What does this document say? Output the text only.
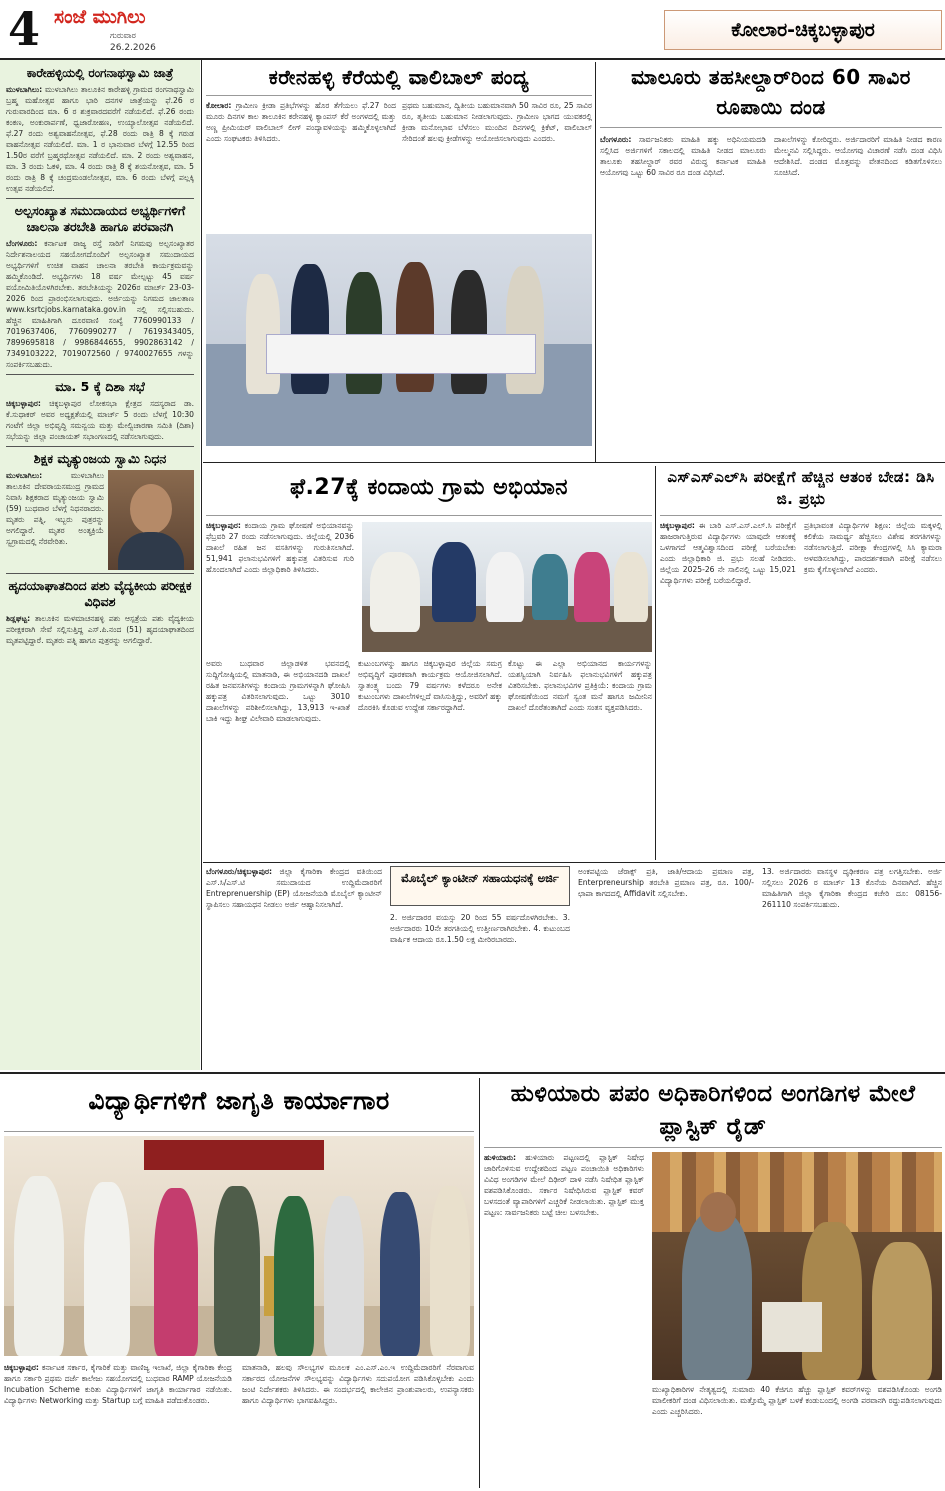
4 ಸಂಜೆ ಮುಗಿಲು
ಗುರುವಾರ
26.2.2026
ಕೋಲಾರ-ಚಿಕ್ಕಬಳ್ಳಾಪುರ
ಕಾರೇಹಳ್ಳಿಯಲ್ಲಿ ರಂಗನಾಥಸ್ವಾಮಿ ಜಾತ್ರೆ
ಮುಳಬಾಗಿಲು: ಮುಳಬಾಗಿಲು ತಾಲೂಕಿನ ಕಾರೇಹಳ್ಳಿ ಗ್ರಾಮದ ರಂಗನಾಥಸ್ವಾಮಿ ಬ್ರಹ್ಮ ಮಹೋತ್ಸವ ಹಾಗೂ ಭಾರಿ ದನಗಳ ಜಾತ್ರೆಯನ್ನು ಫೆ.26 ರ ಗುರುವಾರದಿಂದ ಮಾ. 6 ರ ಶುಕ್ರವಾರದವರೆಗೆ ನಡೆಯಲಿದೆ. ಫೆ.26 ರಂದು ಕಂಕಣ, ಅಂಕುರಾರ್ಪಣೆ, ಧ್ವಜಾರೋಹಣ, ಉಯ್ಯಾಲೋತ್ಸವ ನಡೆಯಲಿದೆ. ಫೆ.27 ರಂದು ಅಶ್ವವಾಹನೋತ್ಸವ, ಫೆ.28 ರಂದು ರಾತ್ರಿ 8 ಕ್ಕೆ ಗರುಡ ವಾಹನೋತ್ಸವ ನಡೆಯಲಿದೆ. ಮಾ. 1 ರ ಭಾನುವಾರ ಬೆಳಗ್ಗೆ 12.55 ರಿಂದ 1.50ರ ವರೆಗೆ ಬ್ರಹ್ಮರಥೋತ್ಸವ ನಡೆಯಲಿದೆ. ಮಾ. 2 ರಂದು ಅಶ್ವವಾಹನ, ಮಾ. 3 ರಂದು ಓಕಳಿ, ಮಾ. 4 ರಂದು ರಾತ್ರಿ 8 ಕ್ಕೆ ಶಯನೋತ್ಸವ, ಮಾ. 5 ರಂದು ರಾತ್ರಿ 8 ಕ್ಕೆ ಚಂದ್ರಮಂಡಲೋತ್ಸವ, ಮಾ. 6 ರಂದು ಬೆಳಗ್ಗೆ ಪಲ್ಲಕ್ಕಿ ಉತ್ಸವ ನಡೆಯಲಿದೆ.
ಅಲ್ಪಸಂಖ್ಯಾತ ಸಮುದಾಯದ ಅಭ್ಯರ್ಥಿಗಳಿಗೆ ಚಾಲನಾ ತರಬೇತಿ ಹಾಗೂ ಪರವಾನಗಿ
ಬೆಂಗಳೂರು: ಕರ್ನಾಟಕ ರಾಜ್ಯ ರಸ್ತೆ ಸಾರಿಗೆ ನಿಗಮವು ಅಲ್ಪಸಂಖ್ಯಾತರ ನಿರ್ದೇಶನಾಲಯದ ಸಹಯೋಗದೊಂದಿಗೆ ಅಲ್ಪಸಂಖ್ಯಾತ ಸಮುದಾಯದ ಅಭ್ಯರ್ಥಿಗಳಿಗೆ ಉಚಿತ ವಾಹನ ಚಾಲನಾ ತರಬೇತಿ ಕಾರ್ಯಕ್ರಮವನ್ನು ಹಮ್ಮಿಕೊಂಡಿದೆ. ಅಭ್ಯರ್ಥಿಗಳು 18 ವರ್ಷ ಮೇಲ್ಪಟ್ಟು 45 ವರ್ಷ ವಯೋಮಿತಿಯೊಳಗಿರಬೇಕು. ತರಬೇತಿಯನ್ನು 2026ರ ಮಾರ್ಚ್ 23-03-2026 ರಿಂದ ಪ್ರಾರಂಭಿಸಲಾಗುವುದು. ಅರ್ಜಿಯನ್ನು ನಿಗಮದ ಜಾಲತಾಣ www.ksrtcjobs.karnataka.gov.in ನಲ್ಲಿ ಸಲ್ಲಿಸಬಹುದು. ಹೆಚ್ಚಿನ ಮಾಹಿತಿಗಾಗಿ ದೂರವಾಣಿ ಸಂಖ್ಯೆ 7760990133 / 7019637406, 7760990277 / 7619343405, 7899695818 / 9986844655, 9902863142 / 7349103222, 7019072560 / 9740027655 ಗಳನ್ನು ಸಂಪರ್ಕಿಸಬಹುದು.
ಮಾ. 5 ಕ್ಕೆ ದಿಶಾ ಸಭೆ
ಚಿಕ್ಕಬಳ್ಳಾಪುರ: ಚಿಕ್ಕಬಳ್ಳಾಪುರ ಲೋಕಸಭಾ ಕ್ಷೇತ್ರದ ಸದಸ್ಯರಾದ ಡಾ. ಕೆ.ಸುಧಾಕರ್ ಅವರ ಅಧ್ಯಕ್ಷತೆಯಲ್ಲಿ ಮಾರ್ಚ್ 5 ರಂದು ಬೆಳಗ್ಗೆ 10:30 ಗಂಟೆಗೆ ಜಿಲ್ಲಾ ಅಭಿವೃದ್ಧಿ ಸಮನ್ವಯ ಮತ್ತು ಮೇಲ್ವಿಚಾರಣಾ ಸಮಿತಿ (ದಿಶಾ) ಸಭೆಯನ್ನು ಜಿಲ್ಲಾ ಪಂಚಾಯತ್ ಸಭಾಂಗಣದಲ್ಲಿ ನಡೆಸಲಾಗುವುದು.
ಶಿಕ್ಷಕ ಮೃತ್ಯುಂಜಯ ಸ್ವಾಮಿ ನಿಧನ
ಮುಳಬಾಗಿಲು:	ಮುಳಬಾಗಿಲು ತಾಲೂಕಿನ ದೇವರಾಯಸಮುದ್ರ ಗ್ರಾಮದ ನಿವಾಸಿ ಶಿಕ್ಷಕರಾದ ಮೃತ್ಯುಂಜಯ ಸ್ವಾಮಿ (59) ಬುಧವಾರ ಬೆಳಗ್ಗೆ ನಿಧನರಾದರು. ಮೃತರು ಪತ್ನಿ, ಇಬ್ಬರು ಪುತ್ರರನ್ನು ಅಗಲಿದ್ದಾರೆ. ಮೃತರ ಅಂತ್ಯಕ್ರಿಯೆ ಸ್ವಗ್ರಾಮದಲ್ಲಿ ನೆರವೇರಿತು.
ಹೃದಯಾಘಾತದಿಂದ ಪಶು ವೈದ್ಯಕೀಯ ಪರೀಕ್ಷಕ ವಿಧಿವಶ
ಶಿಡ್ಲಘಟ್ಟ: ತಾಲೂಕಿನ ಮಳಮಾಚನಹಳ್ಳಿ ಪಶು ಆಸ್ಪತ್ರೆಯ ಪಶು ವೈದ್ಯಕೀಯ ಪರೀಕ್ಷಕರಾಗಿ ಸೇವೆ ಸಲ್ಲಿಸುತ್ತಿದ್ದ ಎಸ್.ಪಿ.ನಂದ (51) ಹೃದಯಾಘಾತದಿಂದ ಮೃತಪಟ್ಟಿದ್ದಾರೆ. ಮೃತರು ಪತ್ನಿ ಹಾಗೂ ಪುತ್ರರನ್ನು ಅಗಲಿದ್ದಾರೆ.
ಕರೇನಹಳ್ಳಿ ಕೆರೆಯಲ್ಲಿ ವಾಲಿಬಾಲ್ ಪಂದ್ಯ
ಕೋಲಾರ: ಗ್ರಾಮೀಣ ಕ್ರೀಡಾ ಪ್ರತಿಭೆಗಳನ್ನು ಹೊರ ತೆಗೆಯಲು ಫೆ.27 ರಿಂದ ಮೂರು ದಿನಗಳ ಕಾಲ ತಾಲೂಕಿನ ಕರೇನಹಳ್ಳಿ ಕ್ಯಾಂಪಸ್ ಕೆರೆ ಅಂಗಳದಲ್ಲಿ ಮತ್ತು ಅಣ್ಣ ಪ್ರೀಮಿಯರ್ ವಾಲಿಬಾಲ್ ಲೀಗ್ ಪಂದ್ಯಾವಳಿಯನ್ನು ಹಮ್ಮಿಕೊಳ್ಳಲಾಗಿದೆ ಎಂದು ಸಂಘಟಕರು ತಿಳಿಸಿದರು.
ಪ್ರಥಮ ಬಹುಮಾನ, ದ್ವಿತೀಯ ಬಹುಮಾನವಾಗಿ 50 ಸಾವಿರ ರೂ, 25 ಸಾವಿರ ರೂ, ತೃತೀಯ ಬಹುಮಾನ ನೀಡಲಾಗುವುದು. ಗ್ರಾಮೀಣ ಭಾಗದ ಯುವಕರಲ್ಲಿ ಕ್ರೀಡಾ ಮನೋಭಾವ ಬೆಳೆಸಲು ಮುಂದಿನ ದಿನಗಳಲ್ಲಿ ಕ್ರಿಕೆಟ್, ವಾಲಿಬಾಲ್ ಸೇರಿದಂತೆ ಹಲವು ಕ್ರೀಡೆಗಳನ್ನು ಆಯೋಜಿಸಲಾಗುವುದು ಎಂದರು.
ಮಾಲೂರು ತಹಸೀಲ್ದಾರ್‌ರಿಂದ 60 ಸಾವಿರ ರೂಪಾಯಿ ದಂಡ
ಬೆಂಗಳೂರು: ಸಾರ್ವಜನಿಕರು ಮಾಹಿತಿ ಹಕ್ಕು ಅಧಿನಿಯಮದಡಿ ಸಲ್ಲಿಸಿದ ಅರ್ಜಿಗಳಿಗೆ ಸಕಾಲದಲ್ಲಿ ಮಾಹಿತಿ ನೀಡದ ಮಾಲೂರು ತಾಲೂಕು ತಹಸೀಲ್ದಾರ್ ರವರ ವಿರುದ್ಧ ಕರ್ನಾಟಕ ಮಾಹಿತಿ ಆಯೋಗವು ಒಟ್ಟು 60 ಸಾವಿರ ರೂ ದಂಡ ವಿಧಿಸಿದೆ.
ದಾಖಲೆಗಳನ್ನು ಕೋರಿದ್ದರು. ಅರ್ಜಿದಾರರಿಗೆ ಮಾಹಿತಿ ನೀಡದ ಕಾರಣ ಮೇಲ್ಮನವಿ ಸಲ್ಲಿಸಿದ್ದರು. ಆಯೋಗವು ವಿಚಾರಣೆ ನಡೆಸಿ ದಂಡ ವಿಧಿಸಿ ಆದೇಶಿಸಿದೆ. ದಂಡದ ಮೊತ್ತವನ್ನು ವೇತನದಿಂದ ಕಡಿತಗೊಳಿಸಲು ಸೂಚಿಸಿದೆ.
ಫೆ.27ಕ್ಕೆ ಕಂದಾಯ ಗ್ರಾಮ ಅಭಿಯಾನ
ಚಿಕ್ಕಬಳ್ಳಾಪುರ: ಕಂದಾಯ ಗ್ರಾಮ ಘೋಷಣೆ ಅಭಿಯಾನವನ್ನು ಫೆಬ್ರವರಿ 27 ರಂದು ನಡೆಸಲಾಗುವುದು. ಜಿಲ್ಲೆಯಲ್ಲಿ 2036 ದಾಖಲೆ ರಹಿತ ಜನ ವಸತಿಗಳನ್ನು ಗುರುತಿಸಲಾಗಿದೆ. 51,941 ಫಲಾನುಭವಿಗಳಿಗೆ ಹಕ್ಕುಪತ್ರ ವಿತರಿಸುವ ಗುರಿ ಹೊಂದಲಾಗಿದೆ ಎಂದು ಜಿಲ್ಲಾಧಿಕಾರಿ ತಿಳಿಸಿದರು.
ಅವರು ಬುಧವಾರ ಜಿಲ್ಲಾಡಳಿತ ಭವನದಲ್ಲಿ ಸುದ್ದಿಗೋಷ್ಠಿಯಲ್ಲಿ ಮಾತನಾಡಿ, ಈ ಅಭಿಯಾನದಡಿ ದಾಖಲೆ ರಹಿತ ಜನವಸತಿಗಳನ್ನು ಕಂದಾಯ ಗ್ರಾಮಗಳನ್ನಾಗಿ ಘೋಷಿಸಿ ಹಕ್ಕುಪತ್ರ ವಿತರಿಸಲಾಗುವುದು. ಒಟ್ಟು 3010 ದಾಖಲೆಗಳನ್ನು ಪರಿಶೀಲಿಸಲಾಗಿದ್ದು, 13,913 ಇ-ಖಾತೆ ಬಾಕಿ ಇದ್ದು ಶೀಘ್ರ ವಿಲೇವಾರಿ ಮಾಡಲಾಗುವುದು.
ಕುಟುಂಬಗಳನ್ನು ಹಾಗೂ ಚಿಕ್ಕಬಳ್ಳಾಪುರ ಜಿಲ್ಲೆಯ ಸಮಗ್ರ ಅಭಿವೃದ್ಧಿಗೆ ಪೂರಕವಾಗಿ ಕಾರ್ಯಕ್ರಮ ಆಯೋಜಿಸಲಾಗಿದೆ. ಸ್ವಾತಂತ್ರ್ಯ ಬಂದು 79 ವರ್ಷಗಳು ಕಳೆದರೂ ಅನೇಕ ಕುಟುಂಬಗಳು ದಾಖಲೆಗಳಿಲ್ಲದೆ ವಾಸಿಸುತ್ತಿದ್ದು, ಅವರಿಗೆ ಹಕ್ಕು ದೊರಕಿಸಿ ಕೊಡುವ ಉದ್ದೇಶ ಸರ್ಕಾರದ್ದಾಗಿದೆ.
ಕೊಟ್ಟು ಈ ಎಲ್ಲಾ ಅಭಿಯಾನದ ಕಾರ್ಯಗಳನ್ನು ಯಶಸ್ವಿಯಾಗಿ ನಿರ್ವಹಿಸಿ ಫಲಾನುಭವಿಗಳಿಗೆ ಹಕ್ಕುಪತ್ರ ವಿತರಿಸಬೇಕು. ಫಲಾನುಭವಿಗಳ ಪ್ರತಿಕ್ರಿಯೆ: ಕಂದಾಯ ಗ್ರಾಮ ಘೋಷಣೆಯಿಂದ ನಮಗೆ ಸ್ವಂತ ಮನೆ ಹಾಗೂ ಜಮೀನಿನ ದಾಖಲೆ ದೊರೆತಂತಾಗಿದೆ ಎಂದು ಸಂತಸ ವ್ಯಕ್ತಪಡಿಸಿದರು.
ಎಸ್‌ಎಸ್‌ಎಲ್‌ಸಿ ಪರೀಕ್ಷೆಗೆ ಹೆಚ್ಚಿನ ಆತಂಕ ಬೇಡ: ಡಿಸಿ ಜಿ. ಪ್ರಭು
ಚಿಕ್ಕಬಳ್ಳಾಪುರ: ಈ ಬಾರಿ ಎಸ್.ಎಸ್.ಎಲ್.ಸಿ ಪರೀಕ್ಷೆಗೆ ಹಾಜರಾಗುತ್ತಿರುವ ವಿದ್ಯಾರ್ಥಿಗಳು ಯಾವುದೇ ಆತಂಕಕ್ಕೆ ಒಳಗಾಗದೆ ಆತ್ಮವಿಶ್ವಾಸದಿಂದ ಪರೀಕ್ಷೆ ಬರೆಯಬೇಕು ಎಂದು ಜಿಲ್ಲಾಧಿಕಾರಿ ಜಿ. ಪ್ರಭು ಸಲಹೆ ನೀಡಿದರು. ಜಿಲ್ಲೆಯ 2025-26 ನೇ ಸಾಲಿನಲ್ಲಿ ಒಟ್ಟು 15,021 ವಿದ್ಯಾರ್ಥಿಗಳು ಪರೀಕ್ಷೆ ಬರೆಯಲಿದ್ದಾರೆ.
ಪ್ರತಿಭಾವಂತ ವಿದ್ಯಾರ್ಥಿಗಳ ಶಿಕ್ಷಣ: ಜಿಲ್ಲೆಯ ಮಕ್ಕಳಲ್ಲಿ ಕಲಿಕೆಯ ಸಾಮರ್ಥ್ಯ ಹೆಚ್ಚಿಸಲು ವಿಶೇಷ ತರಗತಿಗಳನ್ನು ನಡೆಸಲಾಗುತ್ತಿದೆ. ಪರೀಕ್ಷಾ ಕೇಂದ್ರಗಳಲ್ಲಿ ಸಿಸಿ ಕ್ಯಾಮರಾ ಅಳವಡಿಸಲಾಗಿದ್ದು, ಪಾರದರ್ಶಕವಾಗಿ ಪರೀಕ್ಷೆ ನಡೆಸಲು ಕ್ರಮ ಕೈಗೊಳ್ಳಲಾಗಿದೆ ಎಂದರು.
ಬೆಂಗಳೂರು/ಚಿಕ್ಕಬಳ್ಳಾಪುರ: ಜಿಲ್ಲಾ ಕೈಗಾರಿಕಾ ಕೇಂದ್ರದ ವತಿಯಿಂದ ಎಸ್.ಸಿ/ಎಸ್.ಟಿ ಸಮುದಾಯದ ಉದ್ದಿಮೆದಾರರಿಗೆ Entreprenuership (EP) ಯೋಜನೆಯಡಿ ಮೊಬೈಲ್ ಕ್ಯಾಂಟೀನ್ ಸ್ಥಾಪಿಸಲು ಸಹಾಯಧನ ನೀಡಲು ಅರ್ಜಿ ಆಹ್ವಾನಿಸಲಾಗಿದೆ.
ಮೊಬೈಲ್ ಕ್ಯಾಂಟೀನ್ ಸಹಾಯಧನಕ್ಕೆ ಅರ್ಜಿ
2. ಅರ್ಜಿದಾರರ ವಯಸ್ಸು 20 ರಿಂದ 55 ವರ್ಷದೊಳಗಿರಬೇಕು. 3. ಅರ್ಜಿದಾರರು 10ನೇ ತರಗತಿಯಲ್ಲಿ ಉತ್ತೀರ್ಣರಾಗಿರಬೇಕು. 4. ಕುಟುಂಬದ ವಾರ್ಷಿಕ ಆದಾಯ ರೂ.1.50 ಲಕ್ಷ ಮೀರಿರಬಾರದು.
ಅಂಕಪಟ್ಟಿಯ ಜೆರಾಕ್ಸ್ ಪ್ರತಿ, ಜಾತಿ/ಆದಾಯ ಪ್ರಮಾಣ ಪತ್ರ, Enterpreneurship ತರಬೇತಿ ಪ್ರಮಾಣ ಪತ್ರ, ರೂ. 100/- ಛಾಪಾ ಕಾಗದದಲ್ಲಿ Affidavit ಸಲ್ಲಿಸಬೇಕು.
13. ಅರ್ಜಿದಾರರು ವಾಸಸ್ಥಳ ದೃಢೀಕರಣ ಪತ್ರ ಲಗತ್ತಿಸಬೇಕು. ಅರ್ಜಿ ಸಲ್ಲಿಸಲು 2026 ರ ಮಾರ್ಚ್ 13 ಕೊನೆಯ ದಿನವಾಗಿದೆ. ಹೆಚ್ಚಿನ ಮಾಹಿತಿಗಾಗಿ ಜಿಲ್ಲಾ ಕೈಗಾರಿಕಾ ಕೇಂದ್ರದ ಕಚೇರಿ ದೂ: 08156-261110 ಸಂಪರ್ಕಿಸಬಹುದು.
ವಿದ್ಯಾರ್ಥಿಗಳಿಗೆ ಜಾಗೃತಿ ಕಾರ್ಯಾಗಾರ
ಚಿಕ್ಕಬಳ್ಳಾಪುರ: ಕರ್ನಾಟಕ ಸರ್ಕಾರ, ಕೈಗಾರಿಕೆ ಮತ್ತು ವಾಣಿಜ್ಯ ಇಲಾಖೆ, ಜಿಲ್ಲಾ ಕೈಗಾರಿಕಾ ಕೇಂದ್ರ ಹಾಗೂ ಸರ್ಕಾರಿ ಪ್ರಥಮ ದರ್ಜೆ ಕಾಲೇಜು ಸಹಯೋಗದಲ್ಲಿ ಬುಧವಾರ RAMP ಯೋಜನೆಯಡಿ Incubation Scheme ಕುರಿತು ವಿದ್ಯಾರ್ಥಿಗಳಿಗೆ ಜಾಗೃತಿ ಕಾರ್ಯಾಗಾರ ನಡೆಯಿತು. ವಿದ್ಯಾರ್ಥಿಗಳು Networking ಮತ್ತು Startup ಬಗ್ಗೆ ಮಾಹಿತಿ ಪಡೆದುಕೊಂಡರು.
ಮಾತನಾಡಿ, ಹಲವು ಸೌಲಭ್ಯಗಳ ಮೂಲಕ ಎಂ.ಎಸ್.ಎಂ.ಇ ಉದ್ದಿಮೆದಾರರಿಗೆ ನೆರವಾಗುವ ಸರ್ಕಾರದ ಯೋಜನೆಗಳ ಸೌಲಭ್ಯವನ್ನು ವಿದ್ಯಾರ್ಥಿಗಳು ಸದುಪಯೋಗ ಪಡಿಸಿಕೊಳ್ಳಬೇಕು ಎಂದು ಜಂಟಿ ನಿರ್ದೇಶಕರು ತಿಳಿಸಿದರು. ಈ ಸಂದರ್ಭದಲ್ಲಿ ಕಾಲೇಜಿನ ಪ್ರಾಂಶುಪಾಲರು, ಉಪನ್ಯಾಸಕರು ಹಾಗೂ ವಿದ್ಯಾರ್ಥಿಗಳು ಭಾಗವಹಿಸಿದ್ದರು.
ಹುಳಿಯಾರು ಪಪಂ ಅಧಿಕಾರಿಗಳಿಂದ ಅಂಗಡಿಗಳ ಮೇಲೆ ಪ್ಲಾಸ್ಟಿಕ್ ರೈಡ್
ಹುಳಿಯಾರು: ಹುಳಿಯಾರು ಪಟ್ಟಣದಲ್ಲಿ ಪ್ಲಾಸ್ಟಿಕ್ ನಿಷೇಧ ಜಾರಿಗೊಳಿಸುವ ಉದ್ದೇಶದಿಂದ ಪಟ್ಟಣ ಪಂಚಾಯಿತಿ ಅಧಿಕಾರಿಗಳು ವಿವಿಧ ಅಂಗಡಿಗಳ ಮೇಲೆ ದಿಢೀರ್ ದಾಳಿ ನಡೆಸಿ ನಿಷೇಧಿತ ಪ್ಲಾಸ್ಟಿಕ್ ವಶಪಡಿಸಿಕೊಂಡರು. ಸರ್ಕಾರ ನಿಷೇಧಿಸಿರುವ ಪ್ಲಾಸ್ಟಿಕ್ ಕವರ್ ಬಳಸದಂತೆ ವ್ಯಾಪಾರಿಗಳಿಗೆ ಎಚ್ಚರಿಕೆ ನೀಡಲಾಯಿತು. ಪ್ಲಾಸ್ಟಿಕ್ ಮುಕ್ತ ಪಟ್ಟಣ: ಸಾರ್ವಜನಿಕರು ಬಟ್ಟೆ ಚೀಲ ಬಳಸಬೇಕು.
ಮುಖ್ಯಾಧಿಕಾರಿಗಳ ನೇತೃತ್ವದಲ್ಲಿ ಸುಮಾರು 40 ಕೆಜಿಗೂ ಹೆಚ್ಚು ಪ್ಲಾಸ್ಟಿಕ್ ಕವರ್‌ಗಳನ್ನು ವಶಪಡಿಸಿಕೊಂಡು ಅಂಗಡಿ ಮಾಲೀಕರಿಗೆ ದಂಡ ವಿಧಿಸಲಾಯಿತು. ಮತ್ತೊಮ್ಮೆ ಪ್ಲಾಸ್ಟಿಕ್ ಬಳಕೆ ಕಂಡುಬಂದಲ್ಲಿ ಅಂಗಡಿ ಪರವಾನಗಿ ರದ್ದುಪಡಿಸಲಾಗುವುದು ಎಂದು ಎಚ್ಚರಿಸಿದರು.
